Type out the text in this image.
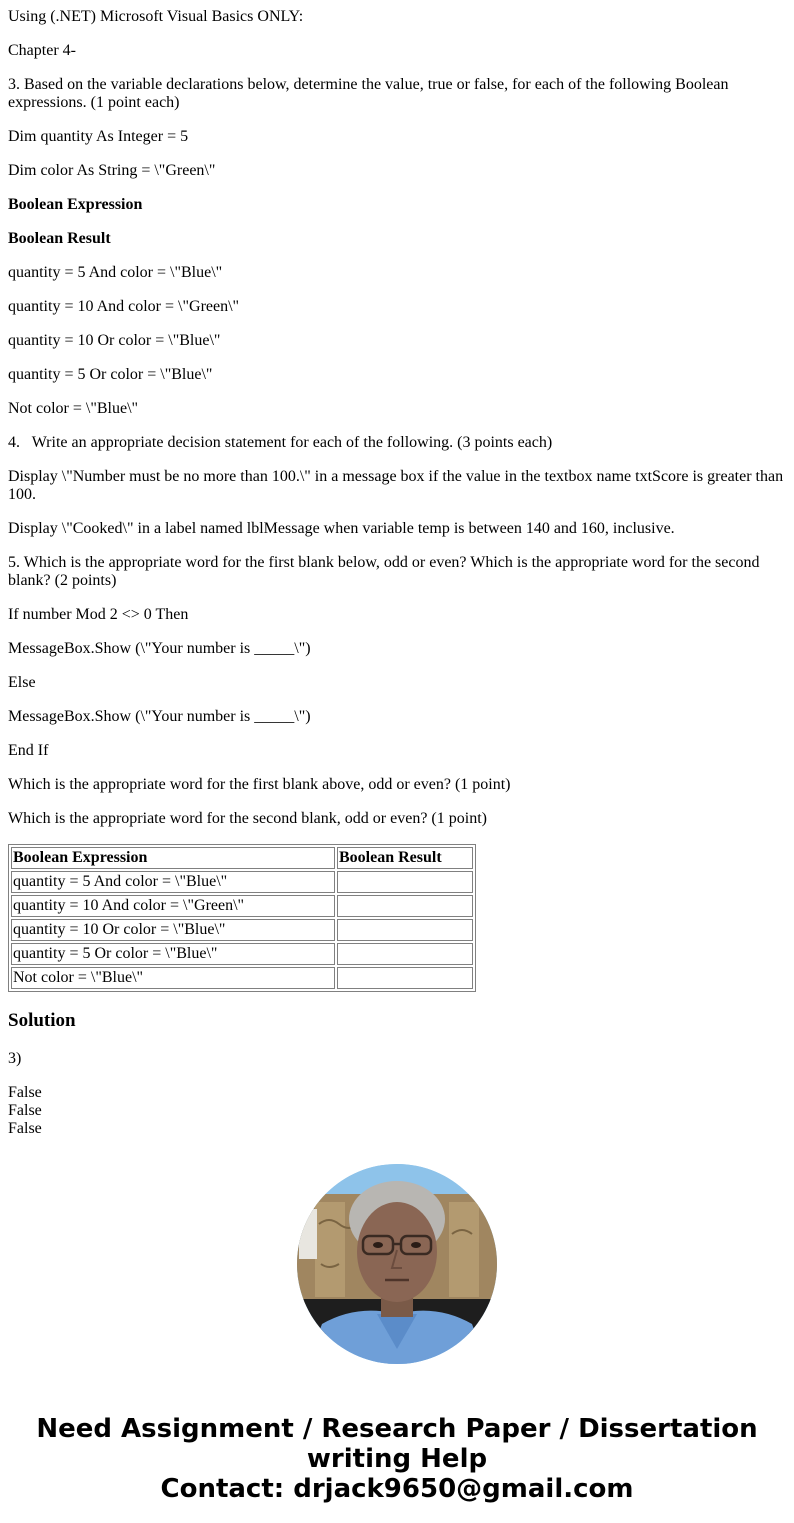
Using (.NET) Microsoft Visual Basics ONLY:

Chapter 4-

3. Based on the variable declarations below, determine the value, true or false, for each of the following Boolean expressions. (1 point each)

Dim quantity As Integer = 5

Dim color As String = \"Green\"

Boolean Expression

Boolean Result

quantity = 5 And color = \"Blue\"

quantity = 10 And color = \"Green\"

quantity = 10 Or color = \"Blue\"

quantity = 5 Or color = \"Blue\"

Not color = \"Blue\"

4.   Write an appropriate decision statement for each of the following. (3 points each)

Display \"Number must be no more than 100.\" in a message box if the value in the textbox name txtScore is greater than 100.

Display \"Cooked\" in a label named lblMessage when variable temp is between 140 and 160, inclusive.

5. Which is the appropriate word for the first blank below, odd or even? Which is the appropriate word for the second blank? (2 points)

If number Mod 2 <> 0 Then

MessageBox.Show (\"Your number is _____\")

Else

MessageBox.Show (\"Your number is _____\")

End If

Which is the appropriate word for the first blank above, odd or even? (1 point)

Which is the appropriate word for the second blank, odd or even? (1 point)

Boolean Expression	Boolean Result
quantity = 5 And color = \"Blue\"	
quantity = 10 And color = \"Green\"	
quantity = 10 Or color = \"Blue\"	
quantity = 5 Or color = \"Blue\"	
Not color = \"Blue\"	
Solution

3)

False
False
False
Need Assignment / Research Paper / Dissertation
writing Help
Contact: drjack9650@gmail.com
